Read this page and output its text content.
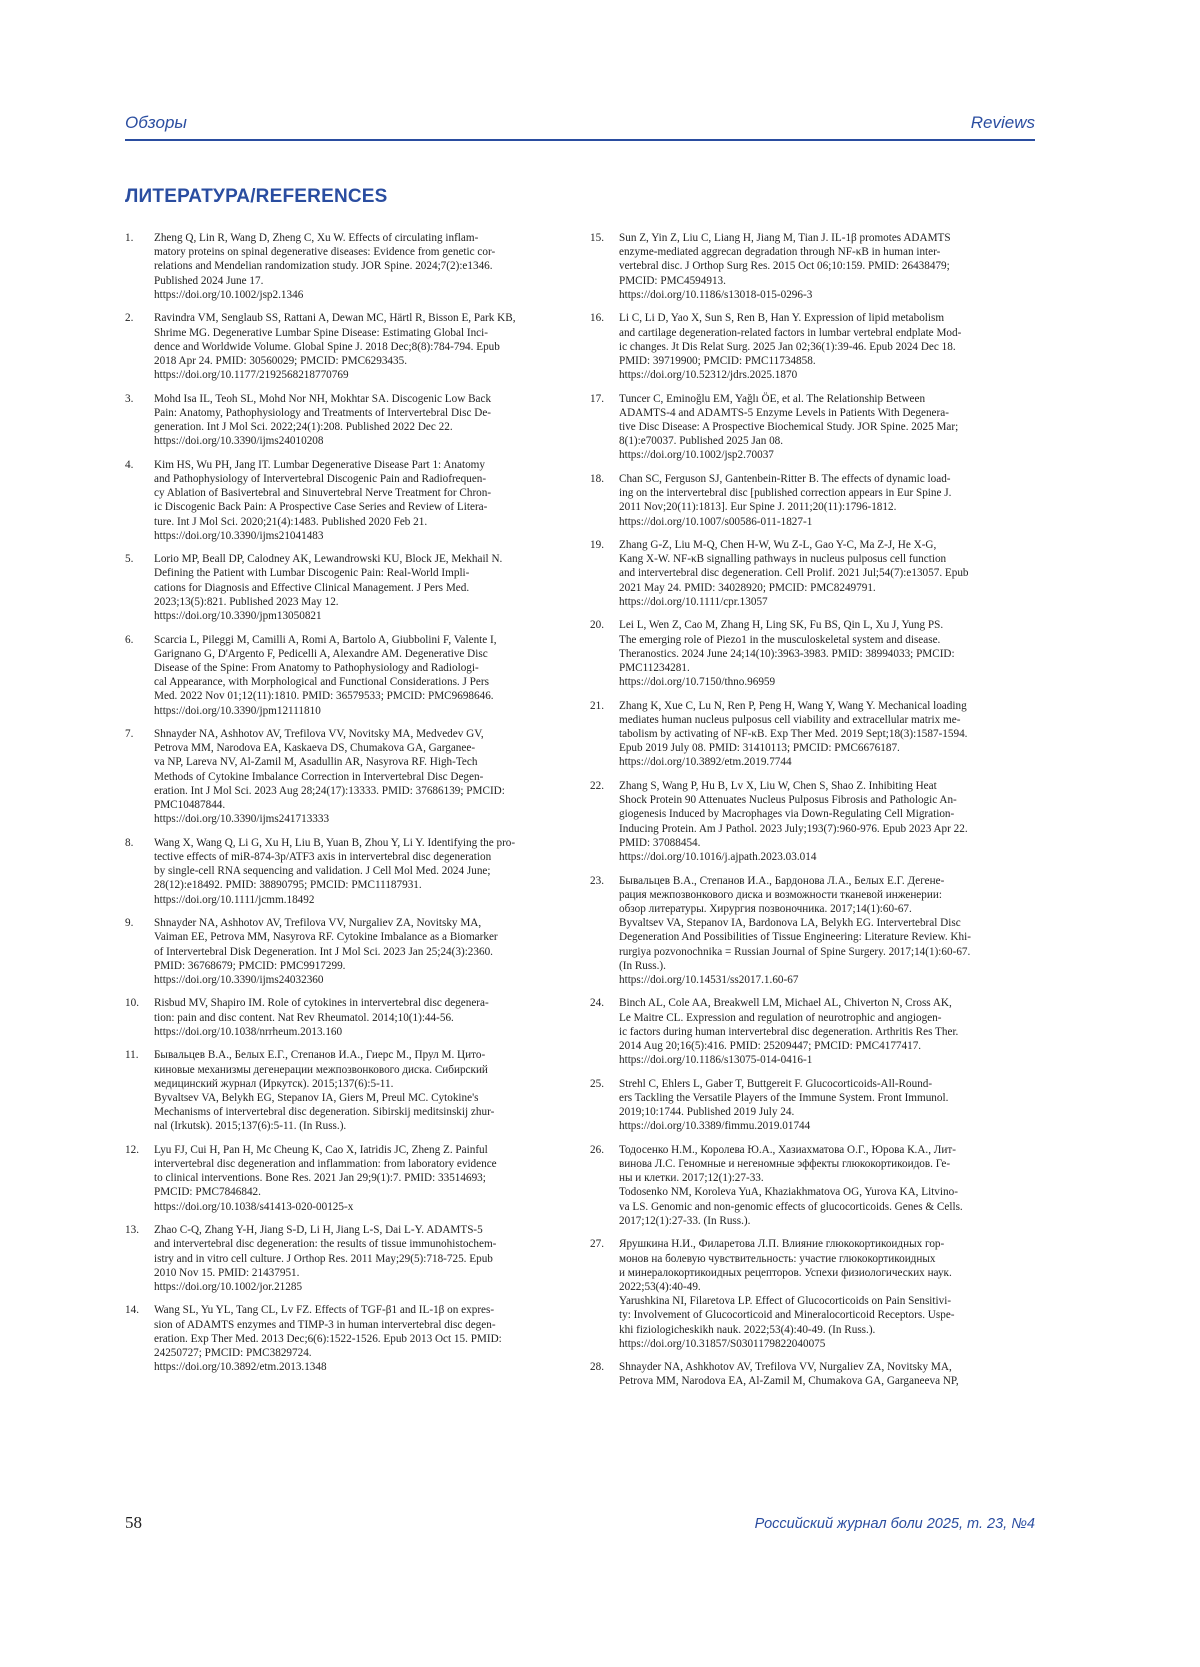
Обзоры	Reviews
ЛИТЕРАТУРА/REFERENCES
1.	Zheng Q, Lin R, Wang D, Zheng C, Xu W. Effects of circulating inflam-
matory proteins on spinal degenerative diseases: Evidence from genetic cor-
relations and Mendelian randomization study. JOR Spine. 2024;7(2):e1346.
Published 2024 June 17.
https://doi.org/10.1002/jsp2.1346
2.	Ravindra VM, Senglaub SS, Rattani A, Dewan MC, Härtl R, Bisson E, Park KB,
Shrime MG. Degenerative Lumbar Spine Disease: Estimating Global Inci-
dence and Worldwide Volume. Global Spine J. 2018 Dec;8(8):784-794. Epub
2018 Apr 24. PMID: 30560029; PMCID: PMC6293435.
https://doi.org/10.1177/2192568218770769
3.	Mohd Isa IL, Teoh SL, Mohd Nor NH, Mokhtar SA. Discogenic Low Back
Pain: Anatomy, Pathophysiology and Treatments of Intervertebral Disc De-
generation. Int J Mol Sci. 2022;24(1):208. Published 2022 Dec 22.
https://doi.org/10.3390/ijms24010208
4.	Kim HS, Wu PH, Jang IT. Lumbar Degenerative Disease Part 1: Anatomy
and Pathophysiology of Intervertebral Discogenic Pain and Radiofrequen-
cy Ablation of Basivertebral and Sinuvertebral Nerve Treatment for Chron-
ic Discogenic Back Pain: A Prospective Case Series and Review of Litera-
ture. Int J Mol Sci. 2020;21(4):1483. Published 2020 Feb 21.
https://doi.org/10.3390/ijms21041483
5.	Lorio MP, Beall DP, Calodney AK, Lewandrowski KU, Block JE, Mekhail N.
Defining the Patient with Lumbar Discogenic Pain: Real-World Impli-
cations for Diagnosis and Effective Clinical Management. J Pers Med.
2023;13(5):821. Published 2023 May 12.
https://doi.org/10.3390/jpm13050821
6.	Scarcia L, Pileggi M, Camilli A, Romi A, Bartolo A, Giubbolini F, Valente I,
Garignano G, D'Argento F, Pedicelli A, Alexandre AM. Degenerative Disc
Disease of the Spine: From Anatomy to Pathophysiology and Radiologi-
cal Appearance, with Morphological and Functional Considerations. J Pers
Med. 2022 Nov 01;12(11):1810. PMID: 36579533; PMCID: PMC9698646.
https://doi.org/10.3390/jpm12111810
7.	Shnayder NA, Ashhotov AV, Trefilova VV, Novitsky MA, Medvedev GV,
Petrova MM, Narodova EA, Kaskaeva DS, Chumakova GA, Garganee-
va NP, Lareva NV, Al-Zamil M, Asadullin AR, Nasyrova RF. High-Tech
Methods of Cytokine Imbalance Correction in Intervertebral Disc Degen-
eration. Int J Mol Sci. 2023 Aug 28;24(17):13333. PMID: 37686139; PMCID:
PMC10487844.
https://doi.org/10.3390/ijms241713333
8.	Wang X, Wang Q, Li G, Xu H, Liu B, Yuan B, Zhou Y, Li Y. Identifying the pro-
tective effects of miR-874-3p/ATF3 axis in intervertebral disc degeneration
by single-cell RNA sequencing and validation. J Cell Mol Med. 2024 June;
28(12):e18492. PMID: 38890795; PMCID: PMC11187931.
https://doi.org/10.1111/jcmm.18492
9.	Shnayder NA, Ashhotov AV, Trefilova VV, Nurgaliev ZA, Novitsky MA,
Vaiman EE, Petrova MM, Nasyrova RF. Cytokine Imbalance as a Biomarker
of Intervertebral Disk Degeneration. Int J Mol Sci. 2023 Jan 25;24(3):2360.
PMID: 36768679; PMCID: PMC9917299.
https://doi.org/10.3390/ijms24032360
10.	Risbud MV, Shapiro IM. Role of cytokines in intervertebral disc degenera-
tion: pain and disc content. Nat Rev Rheumatol. 2014;10(1):44-56.
https://doi.org/10.1038/nrrheum.2013.160
11.	Бывальцев В.А., Белых Е.Г., Степанов И.А., Гиерс М., Прул М. Цито-
киновые механизмы дегенерации межпозвонкового диска. Сибирский
медицинский журнал (Иркутск). 2015;137(6):5-11.
Byvaltsev VA, Belykh EG, Stepanov IA, Giers M, Preul MC. Cytokine's
Mechanisms of intervertebral disc degeneration. Sibirskij meditsinskij zhur-
nal (Irkutsk). 2015;137(6):5-11. (In Russ.).
12.	Lyu FJ, Cui H, Pan H, Mc Cheung K, Cao X, Iatridis JC, Zheng Z. Painful
intervertebral disc degeneration and inflammation: from laboratory evidence
to clinical interventions. Bone Res. 2021 Jan 29;9(1):7. PMID: 33514693;
PMCID: PMC7846842.
https://doi.org/10.1038/s41413-020-00125-x
13.	Zhao C-Q, Zhang Y-H, Jiang S-D, Li H, Jiang L-S, Dai L-Y. ADAMTS-5
and intervertebral disc degeneration: the results of tissue immunohistochem-
istry and in vitro cell culture. J Orthop Res. 2011 May;29(5):718-725. Epub
2010 Nov 15. PMID: 21437951.
https://doi.org/10.1002/jor.21285
14.	Wang SL, Yu YL, Tang CL, Lv FZ. Effects of TGF-β1 and IL-1β on expres-
sion of ADAMTS enzymes and TIMP-3 in human intervertebral disc degen-
eration. Exp Ther Med. 2013 Dec;6(6):1522-1526. Epub 2013 Oct 15. PMID:
24250727; PMCID: PMC3829724.
https://doi.org/10.3892/etm.2013.1348
15.	Sun Z, Yin Z, Liu C, Liang H, Jiang M, Tian J. IL-1β promotes ADAMTS
enzyme-mediated aggrecan degradation through NF-κB in human inter-
vertebral disc. J Orthop Surg Res. 2015 Oct 06;10:159. PMID: 26438479;
PMCID: PMC4594913.
https://doi.org/10.1186/s13018-015-0296-3
16.	Li C, Li D, Yao X, Sun S, Ren B, Han Y. Expression of lipid metabolism
and cartilage degeneration-related factors in lumbar vertebral endplate Mod-
ic changes. Jt Dis Relat Surg. 2025 Jan 02;36(1):39-46. Epub 2024 Dec 18.
PMID: 39719900; PMCID: PMC11734858.
https://doi.org/10.52312/jdrs.2025.1870
17.	Tuncer C, Eminoğlu EM, Yağlı ÖE, et al. The Relationship Between
ADAMTS-4 and ADAMTS-5 Enzyme Levels in Patients With Degenera-
tive Disc Disease: A Prospective Biochemical Study. JOR Spine. 2025 Mar;
8(1):e70037. Published 2025 Jan 08.
https://doi.org/10.1002/jsp2.70037
18.	Chan SC, Ferguson SJ, Gantenbein-Ritter B. The effects of dynamic load-
ing on the intervertebral disc [published correction appears in Eur Spine J.
2011 Nov;20(11):1813]. Eur Spine J. 2011;20(11):1796-1812.
https://doi.org/10.1007/s00586-011-1827-1
19.	Zhang G-Z, Liu M-Q, Chen H-W, Wu Z-L, Gao Y-C, Ma Z-J, He X-G,
Kang X-W. NF-κB signalling pathways in nucleus pulposus cell function
and intervertebral disc degeneration. Cell Prolif. 2021 Jul;54(7):e13057. Epub
2021 May 24. PMID: 34028920; PMCID: PMC8249791.
https://doi.org/10.1111/cpr.13057
20.	Lei L, Wen Z, Cao M, Zhang H, Ling SK, Fu BS, Qin L, Xu J, Yung PS.
The emerging role of Piezo1 in the musculoskeletal system and disease.
Theranostics. 2024 June 24;14(10):3963-3983. PMID: 38994033; PMCID:
PMC11234281.
https://doi.org/10.7150/thno.96959
21.	Zhang K, Xue C, Lu N, Ren P, Peng H, Wang Y, Wang Y. Mechanical loading
mediates human nucleus pulposus cell viability and extracellular matrix me-
tabolism by activating of NF-κB. Exp Ther Med. 2019 Sept;18(3):1587-1594.
Epub 2019 July 08. PMID: 31410113; PMCID: PMC6676187.
https://doi.org/10.3892/etm.2019.7744
22.	Zhang S, Wang P, Hu B, Lv X, Liu W, Chen S, Shao Z. Inhibiting Heat
Shock Protein 90 Attenuates Nucleus Pulposus Fibrosis and Pathologic An-
giogenesis Induced by Macrophages via Down-Regulating Cell Migration-
Inducing Protein. Am J Pathol. 2023 July;193(7):960-976. Epub 2023 Apr 22.
PMID: 37088454.
https://doi.org/10.1016/j.ajpath.2023.03.014
23.	Бывальцев В.А., Степанов И.А., Бардонова Л.А., Белых Е.Г. Дегене-
рация межпозвонкового диска и возможности тканевой инженерии:
обзор литературы. Хирургия позвоночника. 2017;14(1):60-67.
Byvaltsev VA, Stepanov IA, Bardonova LA, Belykh EG. Intervertebral Disc
Degeneration And Possibilities of Tissue Engineering: Literature Review. Khi-
rurgiya pozvonochnika = Russian Journal of Spine Surgery. 2017;14(1):60-67.
(In Russ.).
https://doi.org/10.14531/ss2017.1.60-67
24.	Binch AL, Cole AA, Breakwell LM, Michael AL, Chiverton N, Cross AK,
Le Maitre CL. Expression and regulation of neurotrophic and angiogen-
ic factors during human intervertebral disc degeneration. Arthritis Res Ther.
2014 Aug 20;16(5):416. PMID: 25209447; PMCID: PMC4177417.
https://doi.org/10.1186/s13075-014-0416-1
25.	Strehl C, Ehlers L, Gaber T, Buttgereit F. Glucocorticoids-All-Round-
ers Tackling the Versatile Players of the Immune System. Front Immunol.
2019;10:1744. Published 2019 July 24.
https://doi.org/10.3389/fimmu.2019.01744
26.	Тодосенко Н.М., Королева Ю.А., Хазиахматова О.Г., Юрова К.А., Лит-
винова Л.С. Геномные и негеномные эффекты глюкокортикоидов. Ге-
ны и клетки. 2017;12(1):27-33.
Todosenko NM, Koroleva YuA, Khaziakhmatova OG, Yurova KA, Litvino-
va LS. Genomic and non-genomic effects of glucocorticoids. Genes & Cells.
2017;12(1):27-33. (In Russ.).
27.	Ярушкина Н.И., Филаретова Л.П. Влияние глюкокортикоидных гор-
монов на болевую чувствительность: участие глюкокортикоидных
и минералокортикоидных рецепторов. Успехи физиологических наук.
2022;53(4):40-49.
Yarushkina NI, Filaretova LP. Effect of Glucocorticoids on Pain Sensitivi-
ty: Involvement of Glucocorticoid and Mineralocorticoid Receptors. Uspe-
khi fiziologicheskikh nauk. 2022;53(4):40-49. (In Russ.).
https://doi.org/10.31857/S0301179822040075
28.	Shnayder NA, Ashkhotov AV, Trefilova VV, Nurgaliev ZA, Novitsky MA,
Petrova MM, Narodova EA, Al-Zamil M, Chumakova GA, Garganeeva NP,
58	Российский журнал боли 2025, т. 23, №4
